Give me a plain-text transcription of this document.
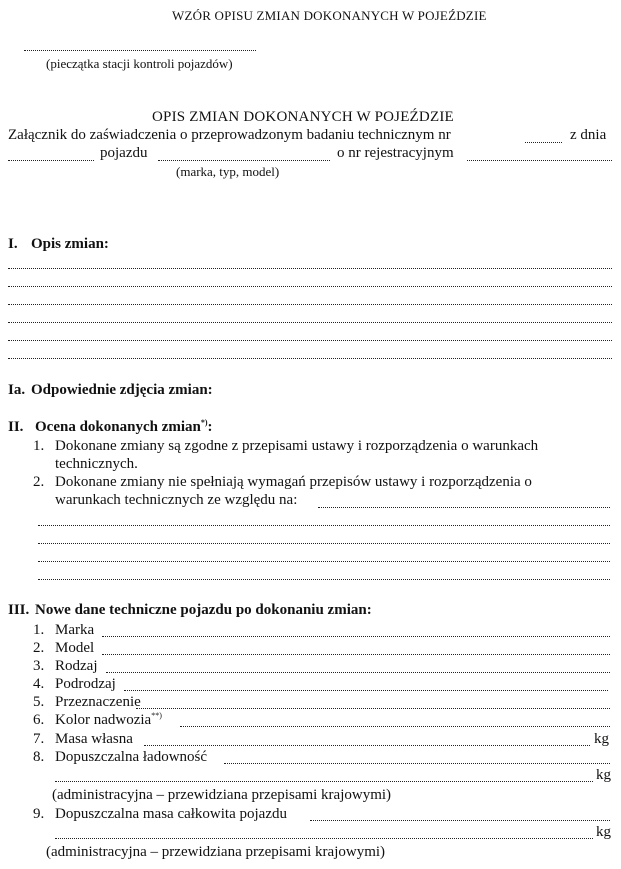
WZÓR OPISU ZMIAN DOKONANYCH W POJEŹDZIE
(pieczątka stacji kontroli pojazdów)
OPIS ZMIAN DOKONANYCH W POJEŹDZIE
Załącznik do zaświadczenia o przeprowadzonym badaniu technicznym nr	z dnia
pojazdu	o nr rejestracyjnym
(marka, typ, model)
I. Opis zmian:
Ia. Odpowiednie zdjęcia zmian:
II. Ocena dokonanych zmian*):
1. Dokonane zmiany są zgodne z przepisami ustawy i rozporządzenia o warunkach
technicznych.
2. Dokonane zmiany nie spełniają wymagań przepisów ustawy i rozporządzenia o
warunkach technicznych ze względu na:
III. Nowe dane techniczne pojazdu po dokonaniu zmian:
1. Marka
2. Model
3. Rodzaj
4. Podrodzaj
5. Przeznaczenie
6. Kolor nadwozia**)
7. Masa własna	kg
8. Dopuszczalna ładowność
kg
(administracyjna – przewidziana przepisami krajowymi)
9. Dopuszczalna masa całkowita pojazdu
kg
(administracyjna – przewidziana przepisami krajowymi)
